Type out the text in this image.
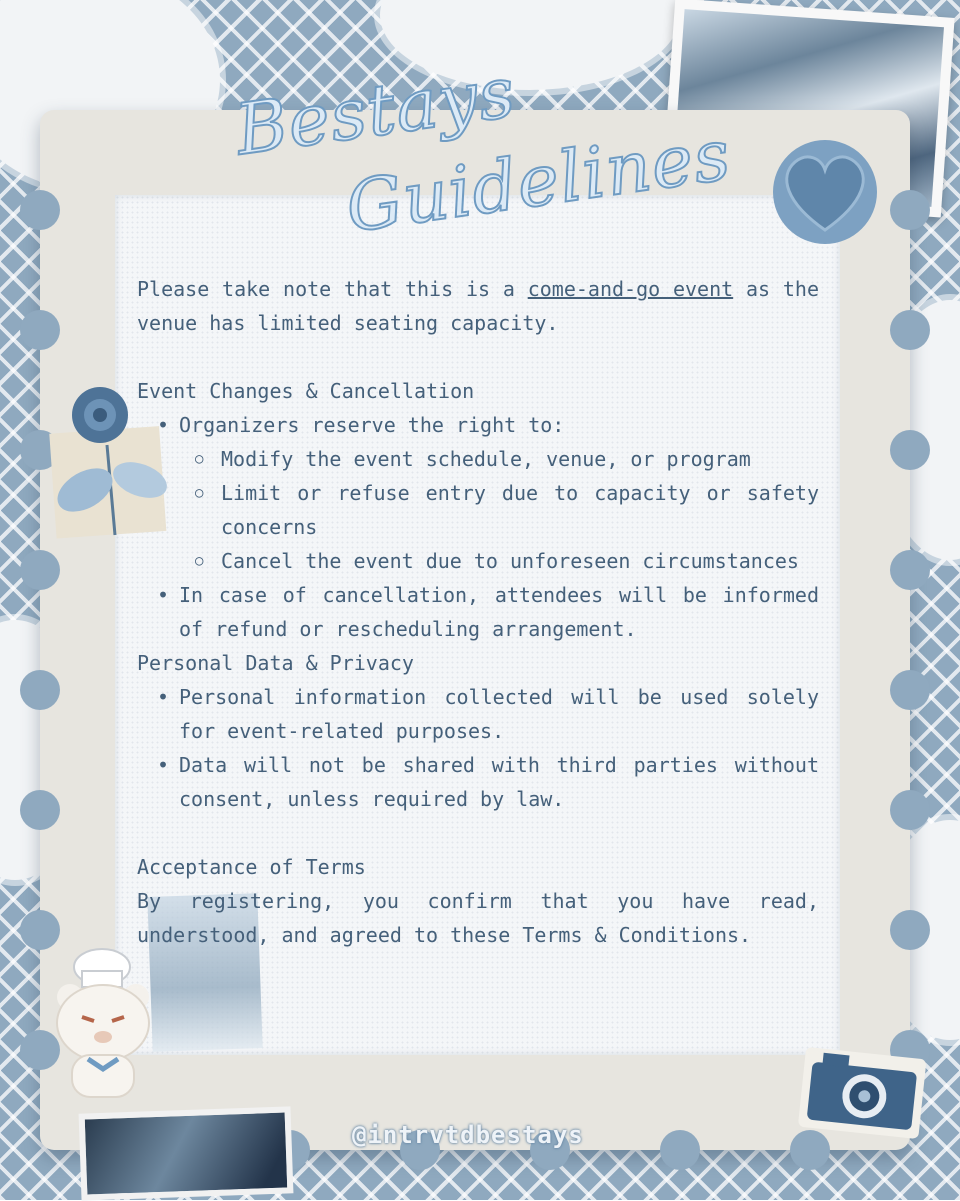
Bestays
Guidelines

Please take note that this is a come-and-go event as the venue has limited seating capacity.

Event Changes & Cancellation
• Organizers reserve the right to:
○ Modify the event schedule, venue, or program
○ Limit or refuse entry due to capacity or safety concerns
○ Cancel the event due to unforeseen circumstances
• In case of cancellation, attendees will be informed of refund or rescheduling arrangement.
Personal Data & Privacy
• Personal information collected will be used solely for event-related purposes.
• Data will not be shared with third parties without consent, unless required by law.
Acceptance of Terms

By registering, you confirm that you have read, understood, and agreed to these Terms & Conditions.

@intrvtdbestays
